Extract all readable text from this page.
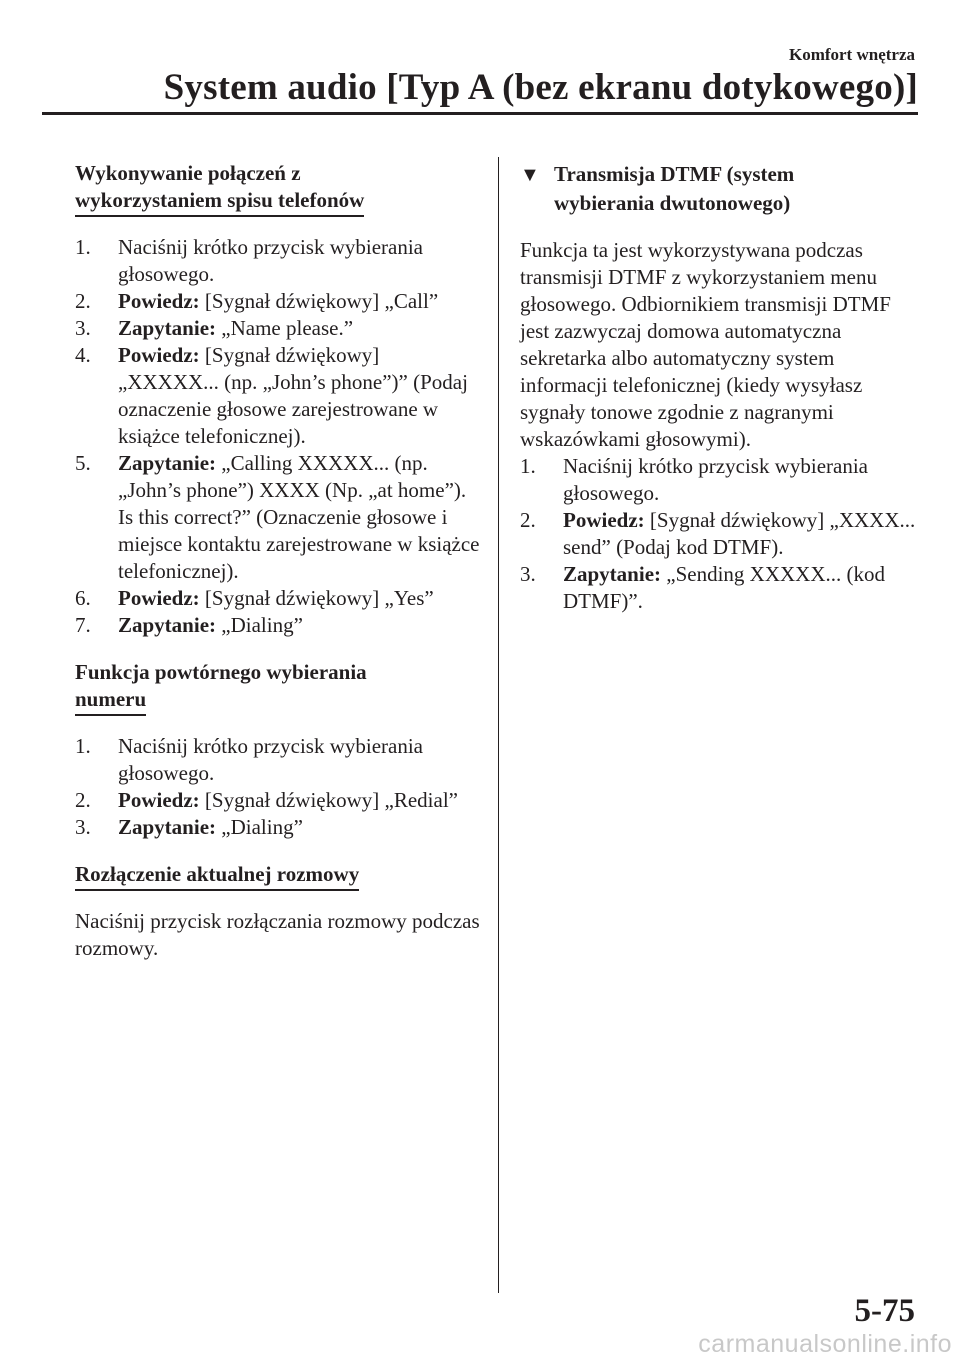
Komfort wnętrza
System audio [Typ A (bez ekranu dotykowego)]
Wykonywanie połączeń z
wykorzystaniem spisu telefonów
1. Naciśnij krótko przycisk wybierania głosowego.
2. Powiedz: [Sygnał dźwiękowy] „Call”
3. Zapytanie: „Name please.”
4. Powiedz: [Sygnał dźwiękowy] „XXXXX... (np. „John’s phone”)” (Podaj oznaczenie głosowe zarejestrowane w książce telefonicznej).
5. Zapytanie: „Calling XXXXX... (np. „John’s phone”) XXXX (Np. „at home”). Is this correct?” (Oznaczenie głosowe i miejsce kontaktu zarejestrowane w książce telefonicznej).
6. Powiedz: [Sygnał dźwiękowy] „Yes”
7. Zapytanie: „Dialing”
Funkcja powtórnego wybierania
numeru
1. Naciśnij krótko przycisk wybierania głosowego.
2. Powiedz: [Sygnał dźwiękowy] „Redial”
3. Zapytanie: „Dialing”
Rozłączenie aktualnej rozmowy

Naciśnij przycisk rozłączania rozmowy podczas rozmowy.

▼ Transmisja DTMF (system
wybierania dwutonowego)

Funkcja ta jest wykorzystywana podczas transmisji DTMF z wykorzystaniem menu głosowego. Odbiornikiem transmisji DTMF jest zazwyczaj domowa automatyczna sekretarka albo automatyczny system informacji telefonicznej (kiedy wysyłasz sygnały tonowe zgodnie z nagranymi wskazówkami głosowymi).

1. Naciśnij krótko przycisk wybierania głosowego.
2. Powiedz: [Sygnał dźwiękowy] „XXXX... send” (Podaj kod DTMF).
3. Zapytanie: „Sending XXXXX... (kod DTMF)”.
5-75
carmanualsonline.info
